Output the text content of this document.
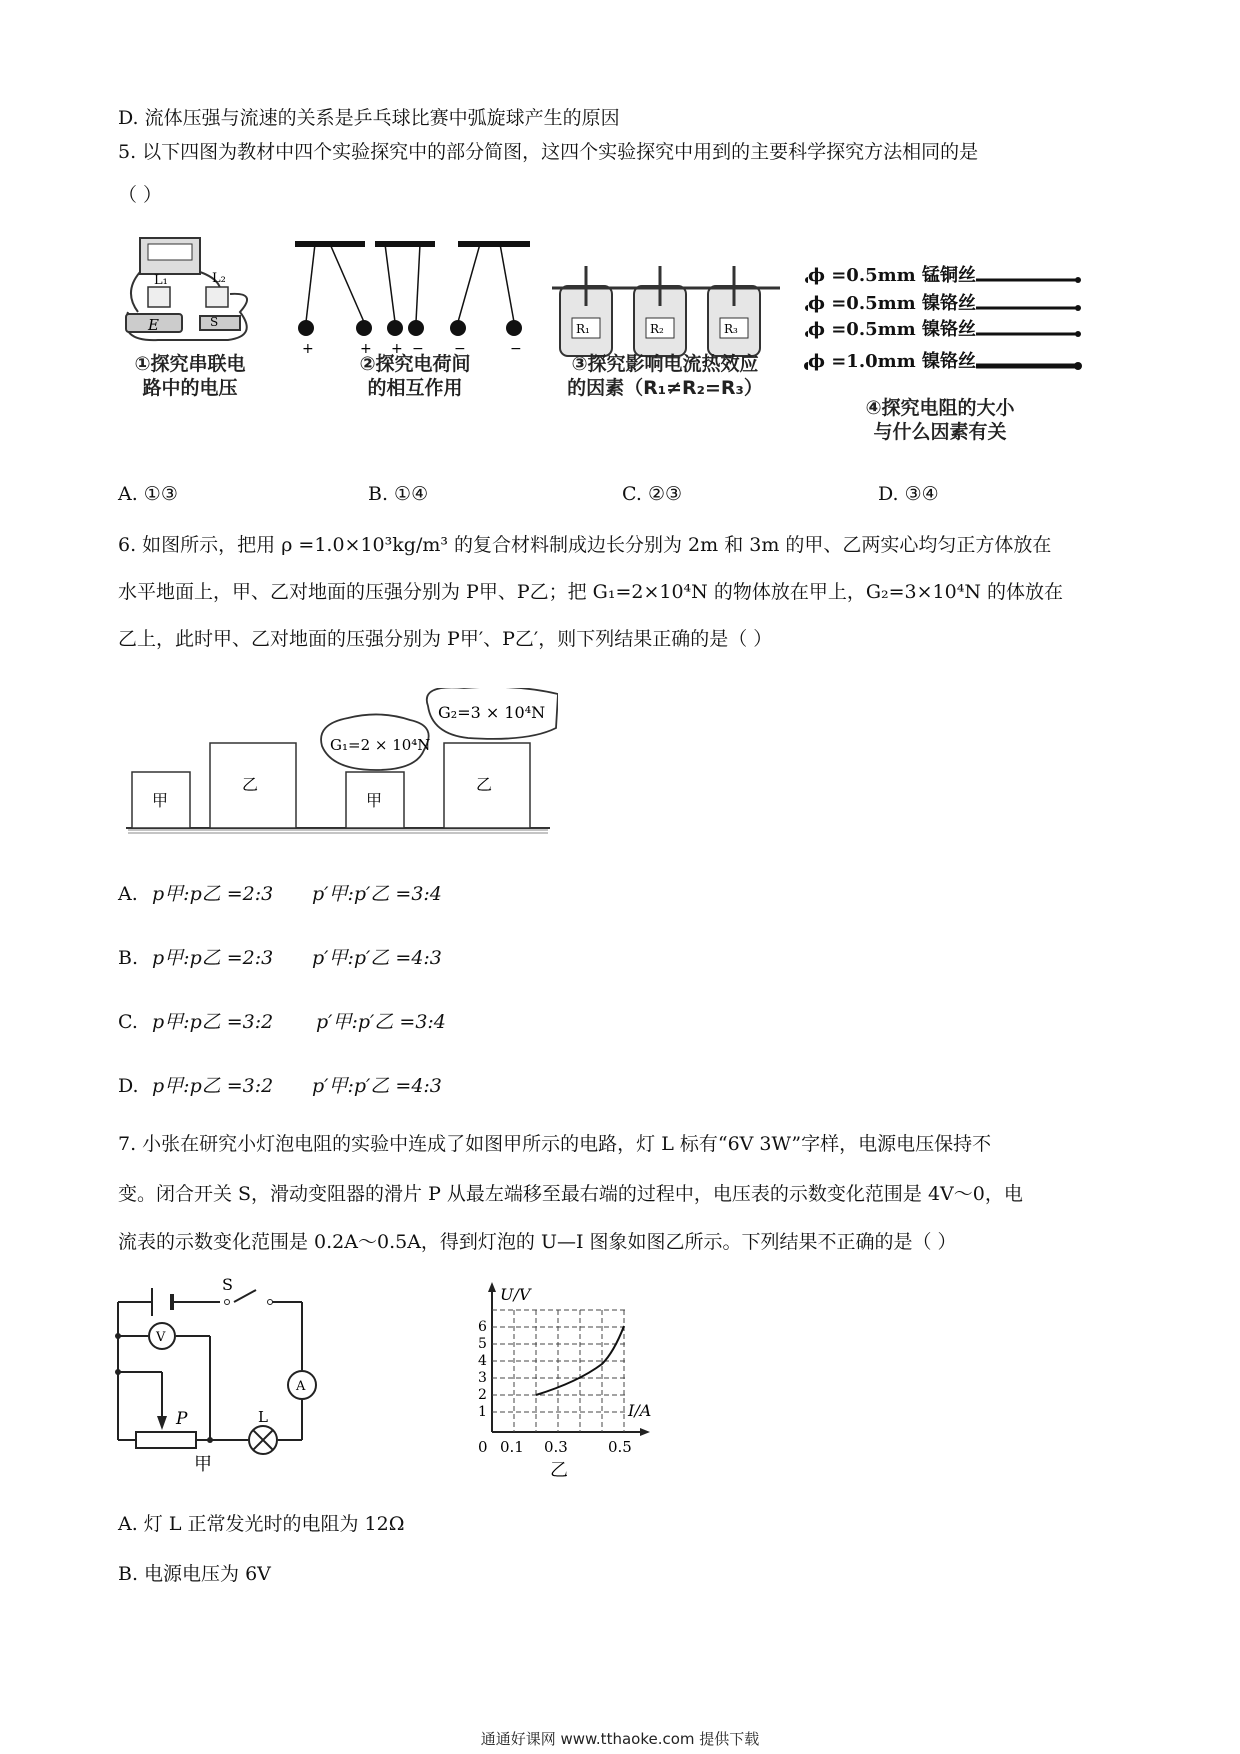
D. 流体压强与流速的关系是乒乓球比赛中弧旋球产生的原因
5. 以下四图为教材中四个实验探究中的部分简图，这四个实验探究中用到的主要科学探究方法相同的是
（ ）
L₁	L₂
E	S
①探究串联电
路中的电压
+	+ + − −	−
②探究电荷间
的相互作用
R₁	R₂	R₃
③探究影响电流热效应
的因素（R₁≠R₂=R₃）
ϕ =0.5mm 锰铜丝
ϕ =0.5mm 镍铬丝
ϕ =0.5mm 镍铬丝
ϕ =1.0mm 镍铬丝
④探究电阻的大小
与什么因素有关
A. ①③	B. ①④	C. ②③	D. ③④
6. 如图所示，把用 ρ =1.0×10³kg/m³ 的复合材料制成边长分别为 2m 和 3m 的甲、乙两实心均匀正方体放在
水平地面上，甲、乙对地面的压强分别为 P甲、P乙；把 G₁=2×10⁴N 的物体放在甲上，G₂=3×10⁴N 的体放在
乙上，此时甲、乙对地面的压强分别为 P甲′、P乙′，则下列结果正确的是（ ）
甲
乙
甲
乙
G₁=2 × 10⁴N
G₂=3 × 10⁴N
A. p甲:p乙 =2:3 p′甲:p′乙 =3:4
B. p甲:p乙 =2:3 p′甲:p′乙 =4:3
C. p甲:p乙 =3:2 p′甲:p′乙 =3:4
D. p甲:p乙 =3:2 p′甲:p′乙 =4:3
7. 小张在研究小灯泡电阻的实验中连成了如图甲所示的电路，灯 L 标有“6V 3W”字样，电源电压保持不
变。闭合开关 S，滑动变阻器的滑片 P 从最左端移至最右端的过程中，电压表的示数变化范围是 4V～0，电
流表的示数变化范围是 0.2A～0.5A，得到灯泡的 U—I 图象如图乙所示。下列结果不正确的是（ ）
S
V
A
P	L
甲
U/V
I/A
1
2
3
4
5
6
0 0.1 0.3	0.5
乙
A. 灯 L 正常发光时的电阻为 12Ω
B. 电源电压为 6V
通通好课网 www.tthaoke.com 提供下载
